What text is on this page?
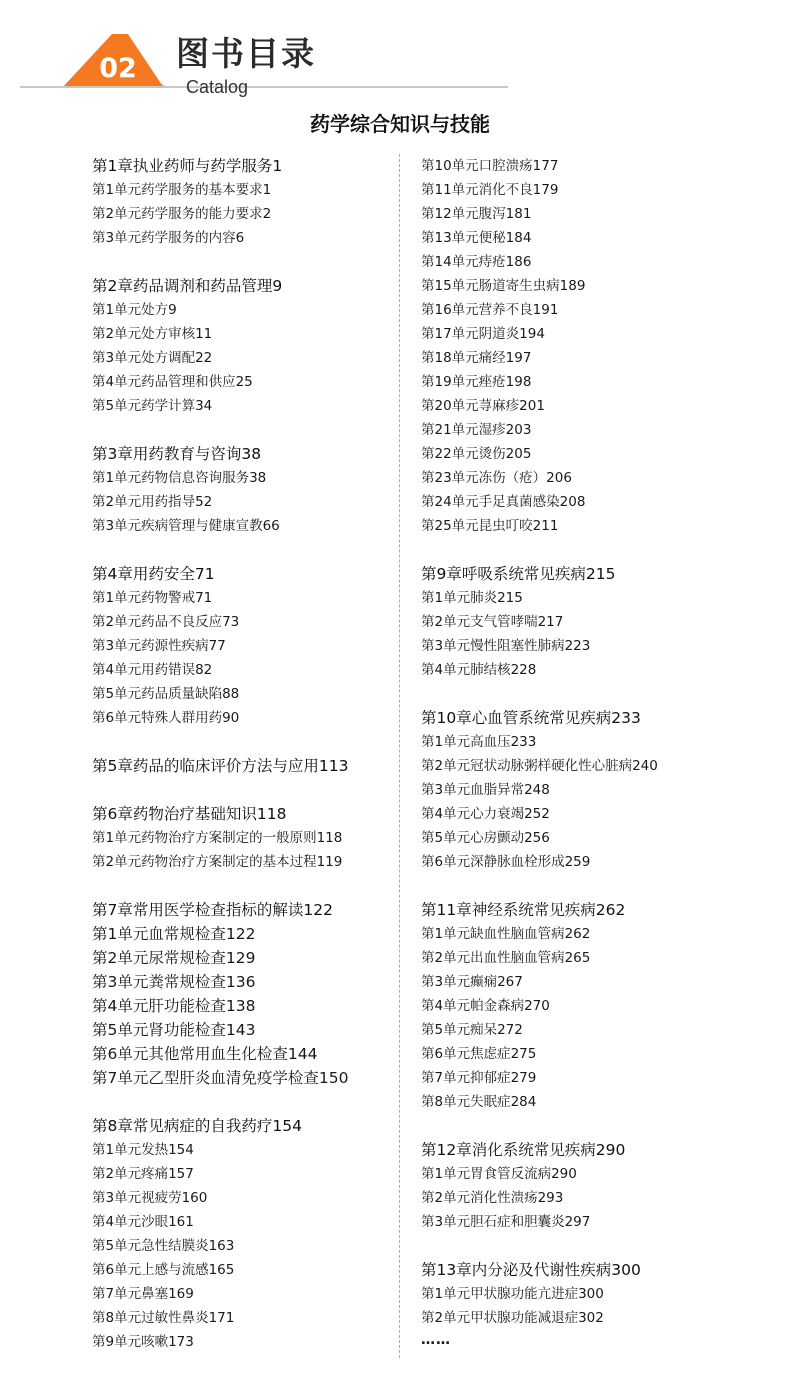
02 图书目录
Catalog
药学综合知识与技能
第1章执业药师与药学服务1
第1单元药学服务的基本要求1
第2单元药学服务的能力要求2
第3单元药学服务的内容6
第2章药品调剂和药品管理9
第1单元处方9
第2单元处方审核11
第3单元处方调配22
第4单元药品管理和供应25
第5单元药学计算34
第3章用药教育与咨询38
第1单元药物信息咨询服务38
第2单元用药指导52
第3单元疾病管理与健康宣教66
第4章用药安全71
第1单元药物警戒71
第2单元药品不良反应73
第3单元药源性疾病77
第4单元用药错误82
第5单元药品质量缺陷88
第6单元特殊人群用药90
第5章药品的临床评价方法与应用113
第6章药物治疗基础知识118
第1单元药物治疗方案制定的一般原则118
第2单元药物治疗方案制定的基本过程119
第7章常用医学检查指标的解读122
第1单元血常规检查122
第2单元尿常规检查129
第3单元粪常规检查136
第4单元肝功能检查138
第5单元肾功能检查143
第6单元其他常用血生化检查144
第7单元乙型肝炎血清免疫学检查150
第8章常见病症的自我药疗154
第1单元发热154
第2单元疼痛157
第3单元视疲劳160
第4单元沙眼161
第5单元急性结膜炎163
第6单元上感与流感165
第7单元鼻塞169
第8单元过敏性鼻炎171
第9单元咳嗽173
第10单元口腔溃疡177
第11单元消化不良179
第12单元腹泻181
第13单元便秘184
第14单元痔疮186
第15单元肠道寄生虫病189
第16单元营养不良191
第17单元阴道炎194
第18单元痛经197
第19单元痤疮198
第20单元荨麻疹201
第21单元湿疹203
第22单元烫伤205
第23单元冻伤（疮）206
第24单元手足真菌感染208
第25单元昆虫叮咬211
第9章呼吸系统常见疾病215
第1单元肺炎215
第2单元支气管哮喘217
第3单元慢性阻塞性肺病223
第4单元肺结核228
第10章心血管系统常见疾病233
第1单元高血压233
第2单元冠状动脉粥样硬化性心脏病240
第3单元血脂异常248
第4单元心力衰竭252
第5单元心房颤动256
第6单元深静脉血栓形成259
第11章神经系统常见疾病262
第1单元缺血性脑血管病262
第2单元出血性脑血管病265
第3单元癫痫267
第4单元帕金森病270
第5单元痴呆272
第6单元焦虑症275
第7单元抑郁症279
第8单元失眠症284
第12章消化系统常见疾病290
第1单元胃食管反流病290
第2单元消化性溃疡293
第3单元胆石症和胆囊炎297
第13章内分泌及代谢性疾病300
第1单元甲状腺功能亢进症300
第2单元甲状腺功能减退症302
……
